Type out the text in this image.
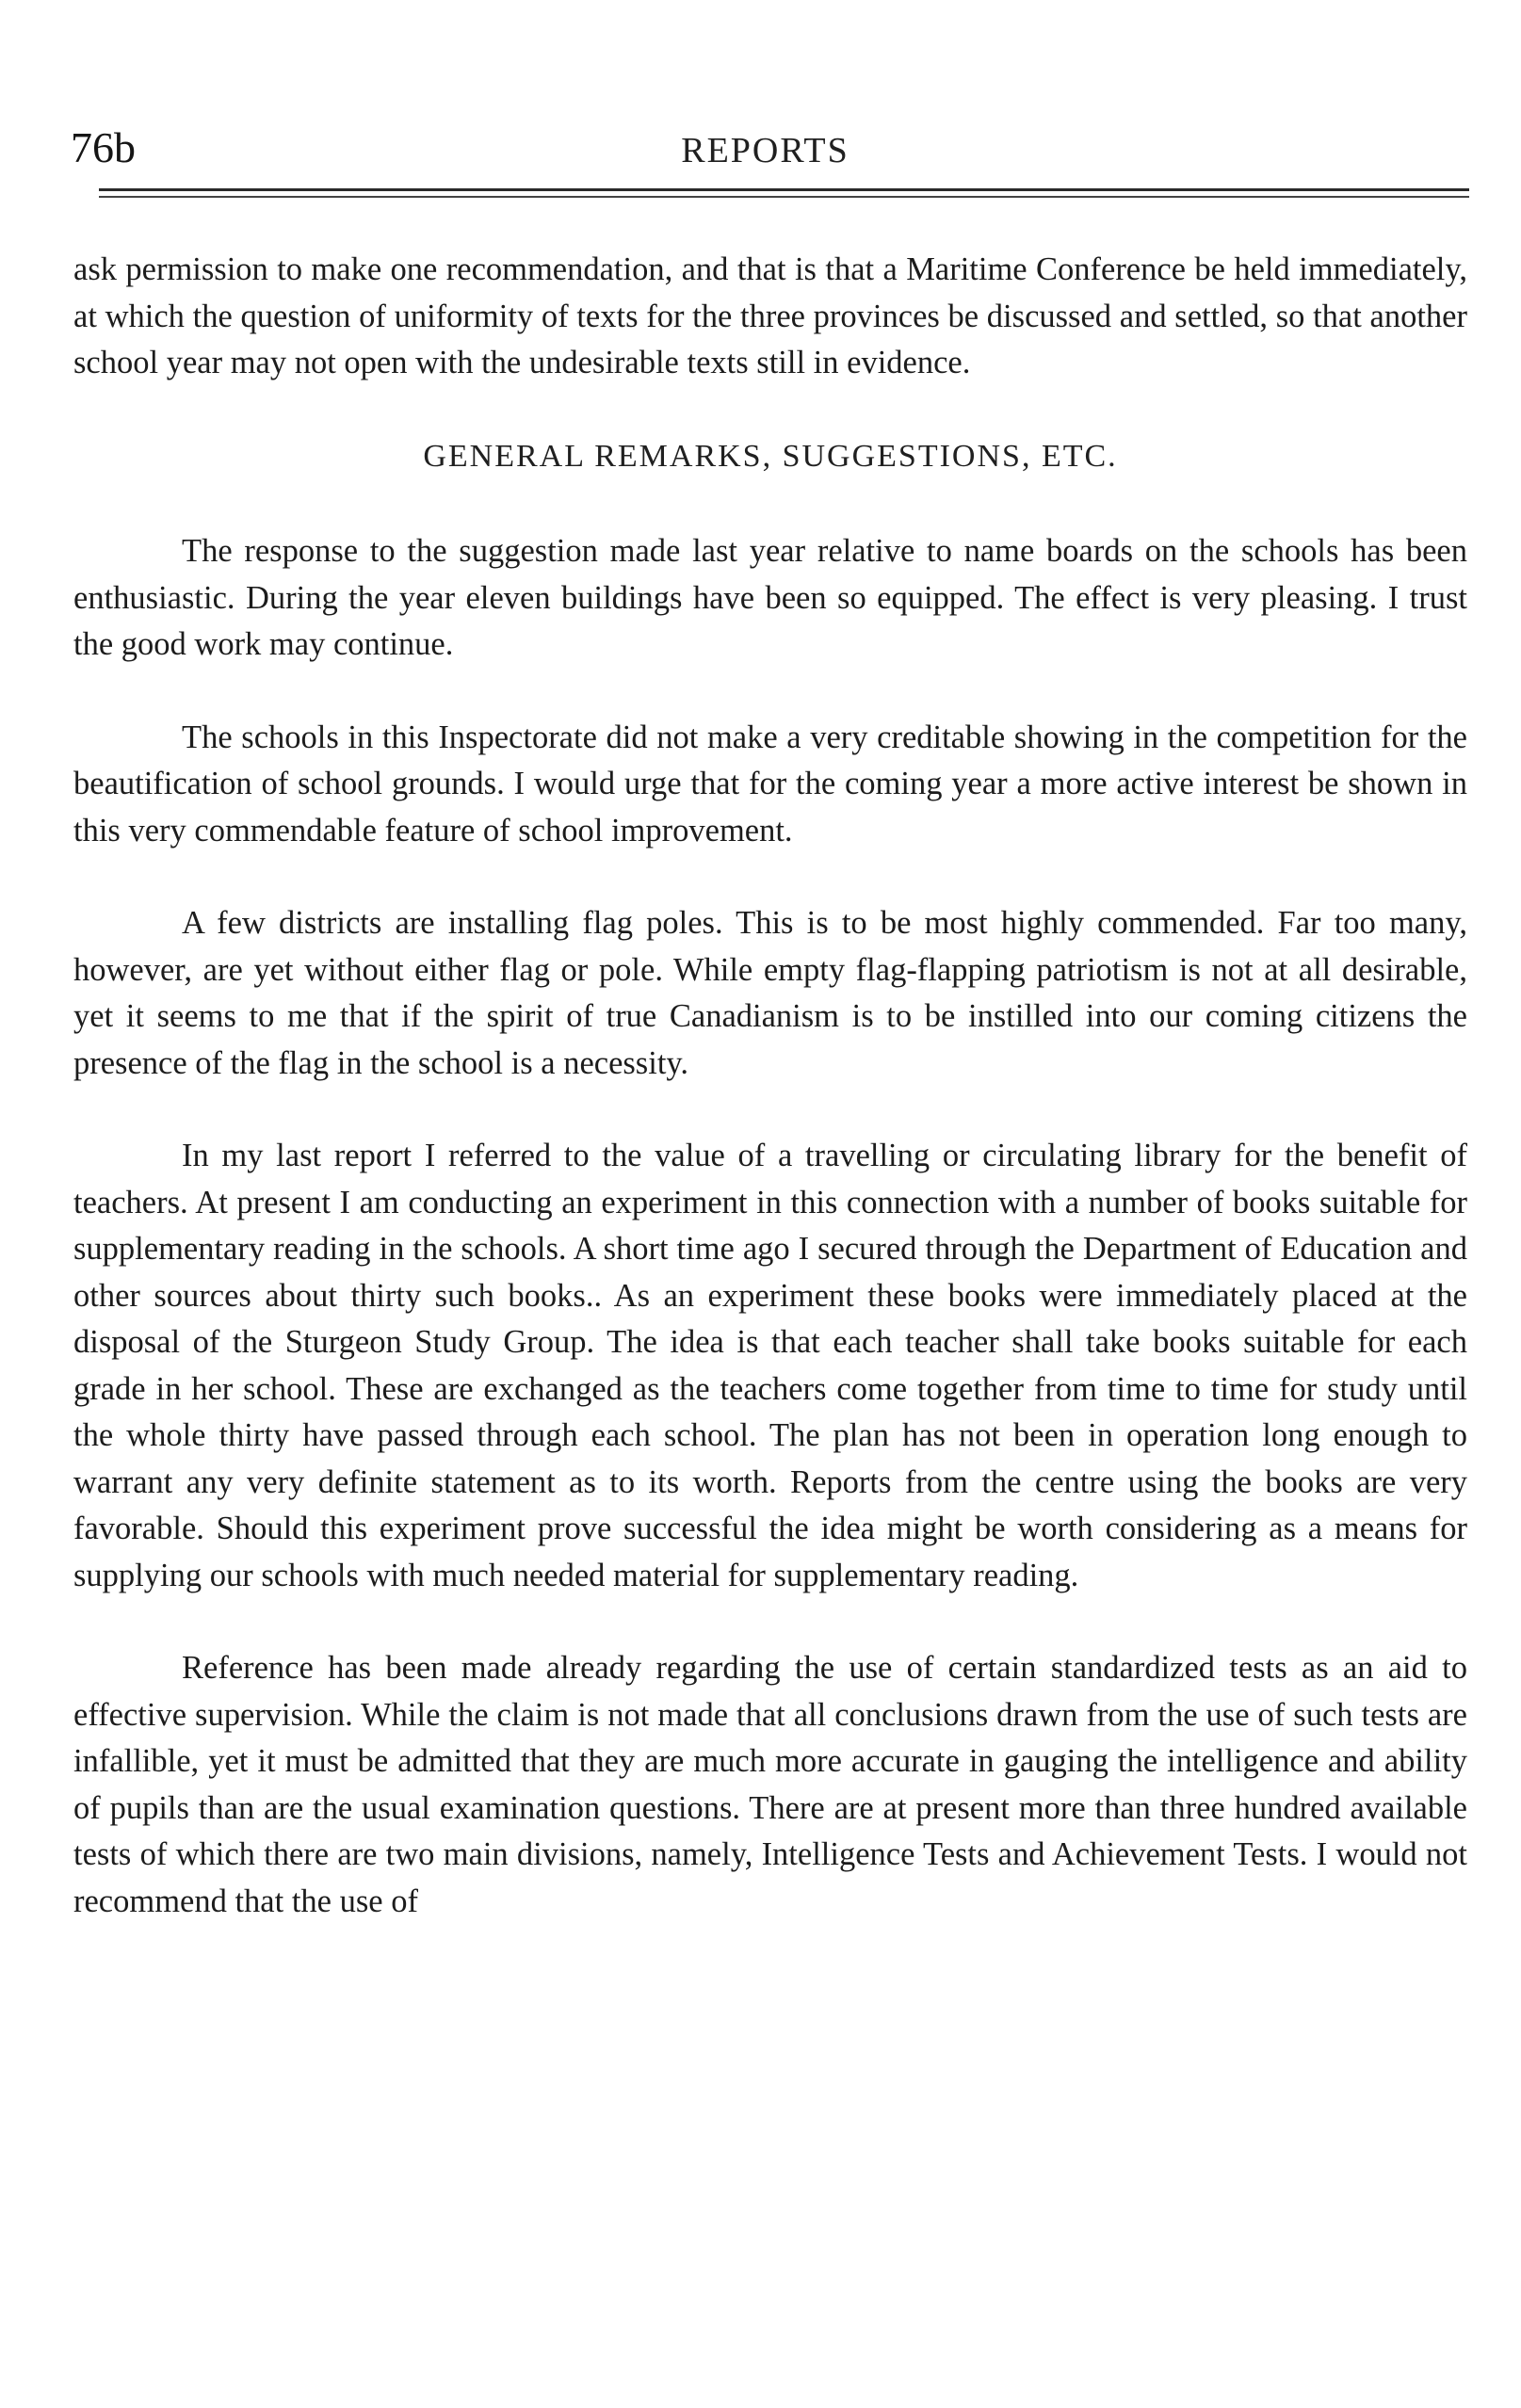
76b	REPORTS

ask permission to make one recommendation, and that is that a Maritime Conference be held immediately, at which the question of uniformity of texts for the three provinces be discussed and settled, so that another school year may not open with the undesirable texts still in evidence.

GENERAL REMARKS, SUGGESTIONS, ETC.

The response to the suggestion made last year relative to name boards on the schools has been enthusiastic. During the year eleven buildings have been so equipped. The effect is very pleasing. I trust the good work may continue.

The schools in this Inspectorate did not make a very creditable showing in the competition for the beautification of school grounds. I would urge that for the coming year a more active interest be shown in this very commendable feature of school improvement.

A few districts are installing flag poles. This is to be most highly commended. Far too many, however, are yet without either flag or pole. While empty flag-flapping patriotism is not at all desirable, yet it seems to me that if the spirit of true Canadianism is to be instilled into our coming citizens the presence of the flag in the school is a necessity.

In my last report I referred to the value of a travelling or circulating library for the benefit of teachers. At present I am conducting an experiment in this connection with a number of books suitable for supplementary reading in the schools. A short time ago I secured through the Department of Education and other sources about thirty such books.. As an experiment these books were immediately placed at the disposal of the Sturgeon Study Group. The idea is that each teacher shall take books suitable for each grade in her school. These are exchanged as the teachers come together from time to time for study until the whole thirty have passed through each school. The plan has not been in operation long enough to warrant any very definite statement as to its worth. Reports from the centre using the books are very favorable. Should this experiment prove successful the idea might be worth considering as a means for supplying our schools with much needed material for supplementary reading.

Reference has been made already regarding the use of certain standardized tests as an aid to effective supervision. While the claim is not made that all conclusions drawn from the use of such tests are infallible, yet it must be admitted that they are much more accurate in gauging the intelligence and ability of pupils than are the usual examination questions. There are at present more than three hundred available tests of which there are two main divisions, namely, Intelligence Tests and Achievement Tests. I would not recommend that the use of
